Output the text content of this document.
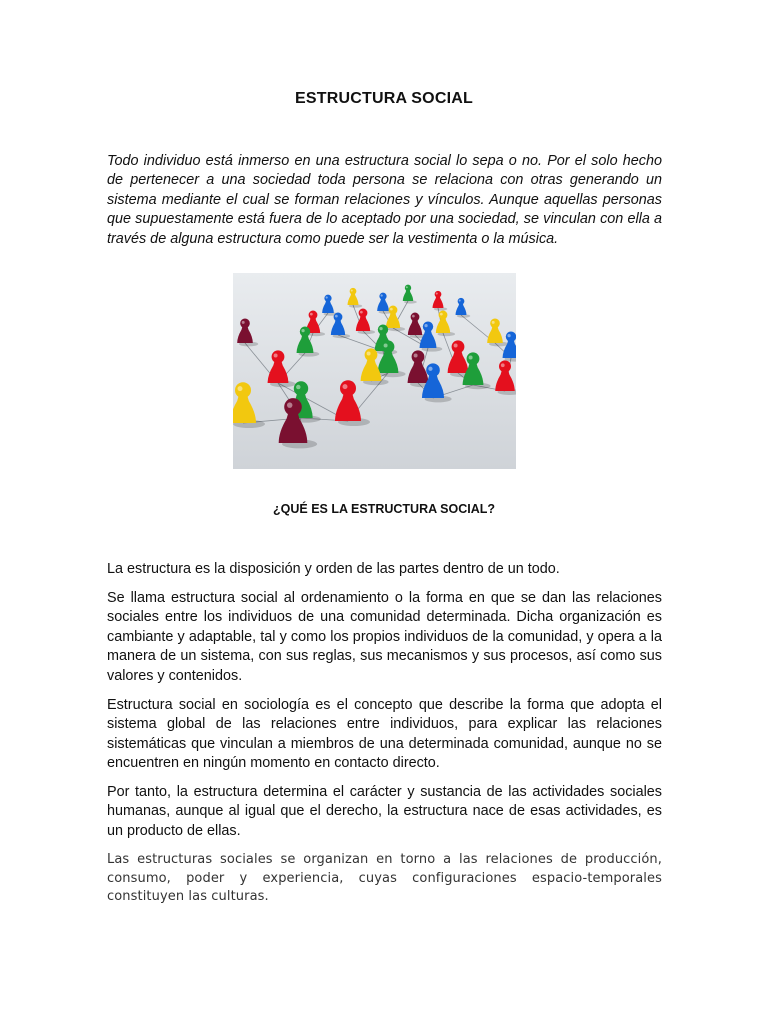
ESTRUCTURA SOCIAL

Todo individuo está inmerso en una estructura social lo sepa o no. Por el solo hecho de pertenecer a una sociedad toda persona se relaciona con otras generando un sistema mediante el cual se forman relaciones y vínculos. Aunque aquellas personas que supuestamente está fuera de lo aceptado por una sociedad, se vinculan con ella a través de alguna estructura como puede ser la vestimenta o la música.

¿QUÉ ES LA ESTRUCTURA SOCIAL?

La estructura es la disposición y orden de las partes dentro de un todo.

Se llama estructura social al ordenamiento o la forma en que se dan las relaciones sociales entre los individuos de una comunidad determinada. Dicha organización es cambiante y adaptable, tal y como los propios individuos de la comunidad, y opera a la manera de un sistema, con sus reglas, sus mecanismos y sus procesos, así como sus valores y contenidos.

Estructura social en sociología es el concepto que describe la forma que adopta el sistema global de las relaciones entre individuos, para explicar las relaciones sistemáticas que vinculan a miembros de una determinada comunidad, aunque no se encuentren en ningún momento en contacto directo.

Por tanto, la estructura determina el carácter y sustancia de las actividades sociales humanas, aunque al igual que el derecho, la estructura nace de esas actividades, es un producto de ellas.

Las estructuras sociales se organizan en torno a las relaciones de producción, consumo, poder y experiencia, cuyas configuraciones espacio-temporales constituyen las culturas.
